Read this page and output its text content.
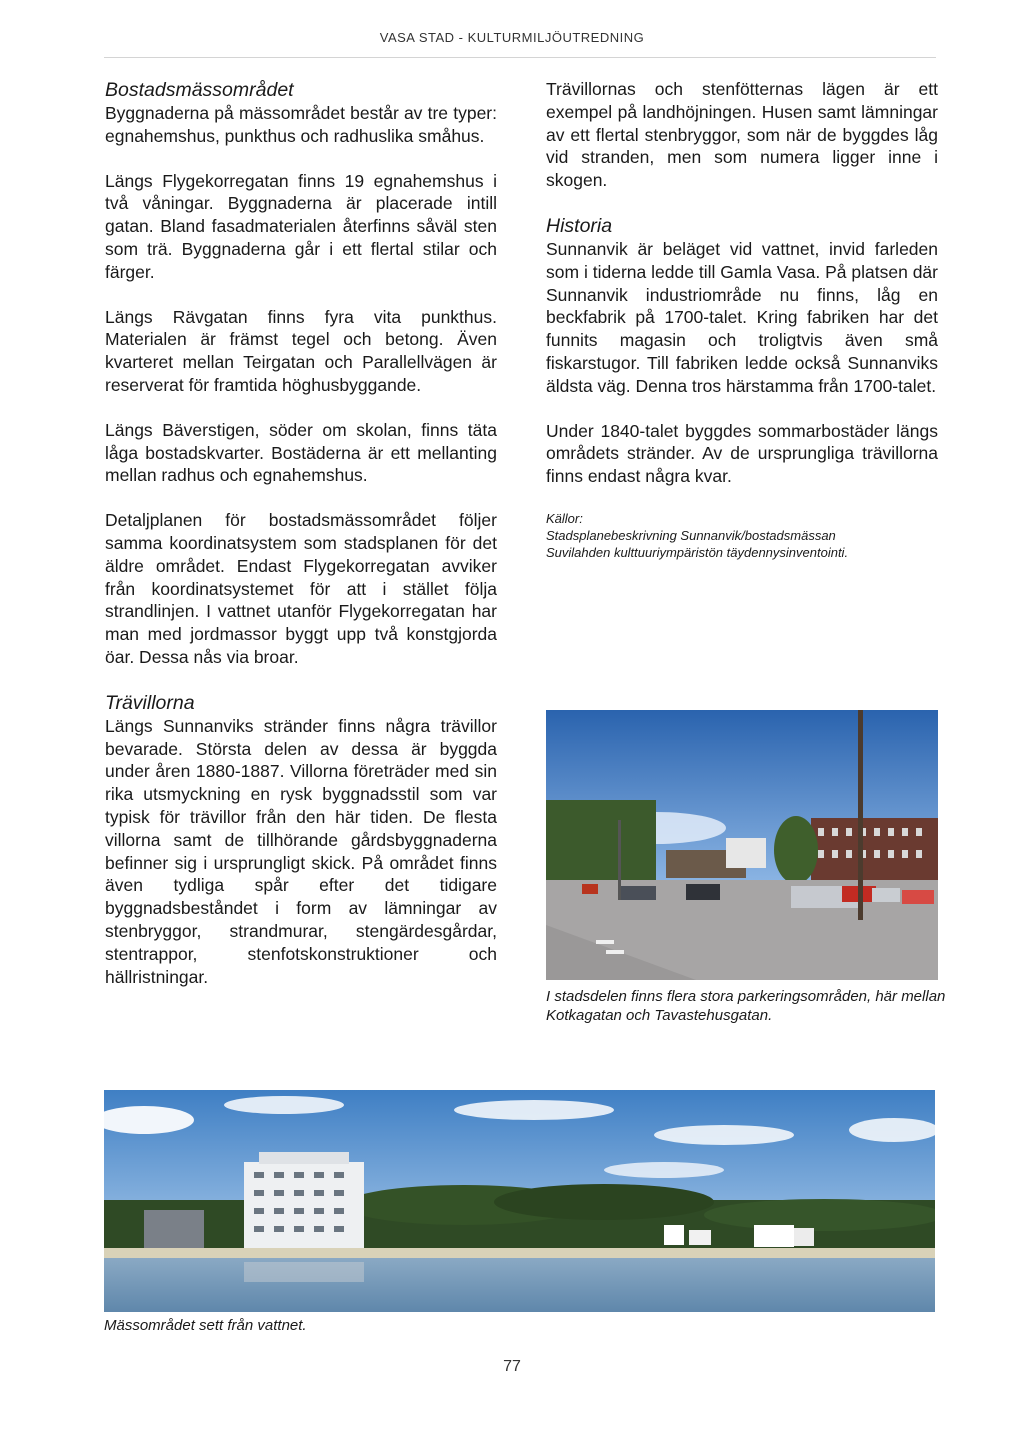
VASA STAD - KULTURMILJÖUTREDNING
Bostadsmässområdet

Byggnaderna på mässområdet består av tre typer: egnahemshus, punkthus och radhuslika småhus.

Längs Flygekorregatan finns 19 egnahemshus i två våningar. Byggnaderna är placerade intill gatan. Bland fasadmaterialen återfinns såväl sten som trä. Byggnaderna går i ett flertal stilar och färger.

Längs Rävgatan finns fyra vita punkthus. Materialen är främst tegel och betong. Även kvarteret mellan Teirgatan och Parallellvägen är reserverat för framtida höghusbyggande.

Längs Bäverstigen, söder om skolan, finns täta låga bostadskvarter. Bostäderna är ett mellanting mellan radhus och egnahemshus.

Detaljplanen för bostadsmässområdet följer samma koordinatsystem som stadsplanen för det äldre området. Endast Flygekorregatan avviker från koordinatsystemet för att i stället följa strandlinjen. I vattnet utanför Flygekorregatan har man med jordmassor byggt upp två konstgjorda öar. Dessa nås via broar.

Trävillorna

Längs Sunnanviks stränder finns några trävillor bevarade. Största delen av dessa är byggda under åren 1880-1887. Villorna företräder med sin rika utsmyckning en rysk byggnadsstil som var typisk för trävillor från den här tiden. De flesta villorna samt de tillhörande gårdsbyggnaderna befinner sig i ursprungligt skick. På området finns även tydliga spår efter det tidigare byggnadsbeståndet i form av lämningar av stenbryggor, strandmurar, stengärdesgårdar, stentrappor, stenfotskonstruktioner och hällristningar.

Trävillornas och stenfötternas lägen är ett exempel på landhöjningen. Husen samt lämningar av ett flertal stenbryggor, som när de byggdes låg vid stranden, men som numera ligger inne i skogen.

Historia

Sunnanvik är beläget vid vattnet, invid farleden som i tiderna ledde till Gamla Vasa. På platsen där Sunnanvik industriområde nu finns, låg en beckfabrik på 1700-talet. Kring fabriken har det funnits magasin och troligtvis även små fiskarstugor. Till fabriken ledde också Sunnanviks äldsta väg. Denna tros härstamma från 1700-talet.

Under 1840-talet byggdes sommarbostäder längs områdets stränder. Av de ursprungliga trävillorna finns endast några kvar.

Källor:
Stadsplanebeskrivning Sunnanvik/bostadsmässan
Suvilahden kulttuuriympäristön täydennysinventointi.
I stadsdelen finns flera stora parkeringsområden, här mellan Kotkagatan och Tavastehusgatan.
Mässområdet sett från vattnet.
77
